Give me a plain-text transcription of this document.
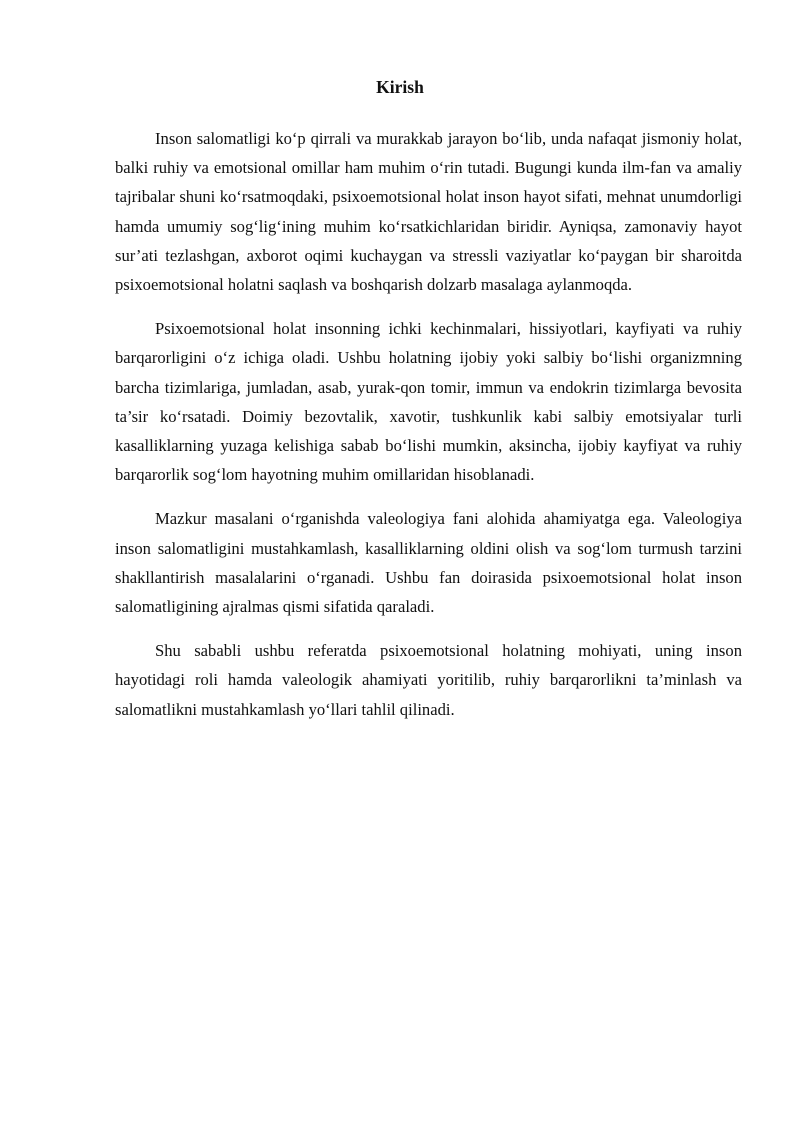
Kirish

Inson salomatligi ko‘p qirrali va murakkab jarayon bo‘lib, unda nafaqat jismoniy holat, balki ruhiy va emotsional omillar ham muhim o‘rin tutadi. Bugungi kunda ilm-fan va amaliy tajribalar shuni ko‘rsatmoqdaki, psixoemotsional holat inson hayot sifati, mehnat unumdorligi hamda umumiy sog‘lig‘ining muhim ko‘rsatkichlaridan biridir. Ayniqsa, zamonaviy hayot sur’ati tezlashgan, axborot oqimi kuchaygan va stressli vaziyatlar ko‘paygan bir sharoitda psixoemotsional holatni saqlash va boshqarish dolzarb masalaga aylanmoqda.

Psixoemotsional holat insonning ichki kechinmalari, hissiyotlari, kayfiyati va ruhiy barqarorligini o‘z ichiga oladi. Ushbu holatning ijobiy yoki salbiy bo‘lishi organizmning barcha tizimlariga, jumladan, asab, yurak-qon tomir, immun va endokrin tizimlarga bevosita ta’sir ko‘rsatadi. Doimiy bezovtalik, xavotir, tushkunlik kabi salbiy emotsiyalar turli kasalliklarning yuzaga kelishiga sabab bo‘lishi mumkin, aksincha, ijobiy kayfiyat va ruhiy barqarorlik sog‘lom hayotning muhim omillaridan hisoblanadi.

Mazkur masalani o‘rganishda valeologiya fani alohida ahamiyatga ega. Valeologiya inson salomatligini mustahkamlash, kasalliklarning oldini olish va sog‘lom turmush tarzini shakllantirish masalalarini o‘rganadi. Ushbu fan doirasida psixoemotsional holat inson salomatligining ajralmas qismi sifatida qaraladi.

Shu sababli ushbu referatda psixoemotsional holatning mohiyati, uning inson hayotidagi roli hamda valeologik ahamiyati yoritilib, ruhiy barqarorlikni ta’minlash va salomatlikni mustahkamlash yo‘llari tahlil qilinadi.
